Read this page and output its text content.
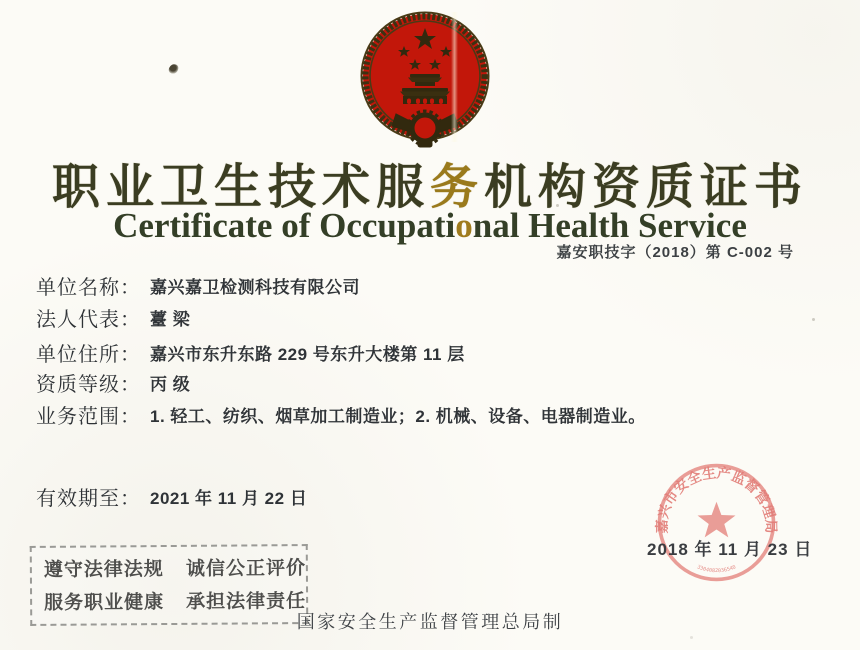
职业卫生技术服务机构资质证书
Certificate of Occupational Health Service
嘉安职技字（2018）第 C-002 号
单位名称： 嘉兴嘉卫检测科技有限公司
法人代表： 薹 梁
单位住所： 嘉兴市东升东路 229 号东升大楼第 11 层
资质等级： 丙 级
业务范围： 1. 轻工、纺织、烟草加工制造业；2. 机械、设备、电器制造业。
有效期至： 2021 年 11 月 22 日
嘉兴市安全生产监督管理局
3304082036540
2018 年 11 月 23 日
遵守法律法规 诚信公正评价
服务职业健康 承担法律责任
国家安全生产监督管理总局制
